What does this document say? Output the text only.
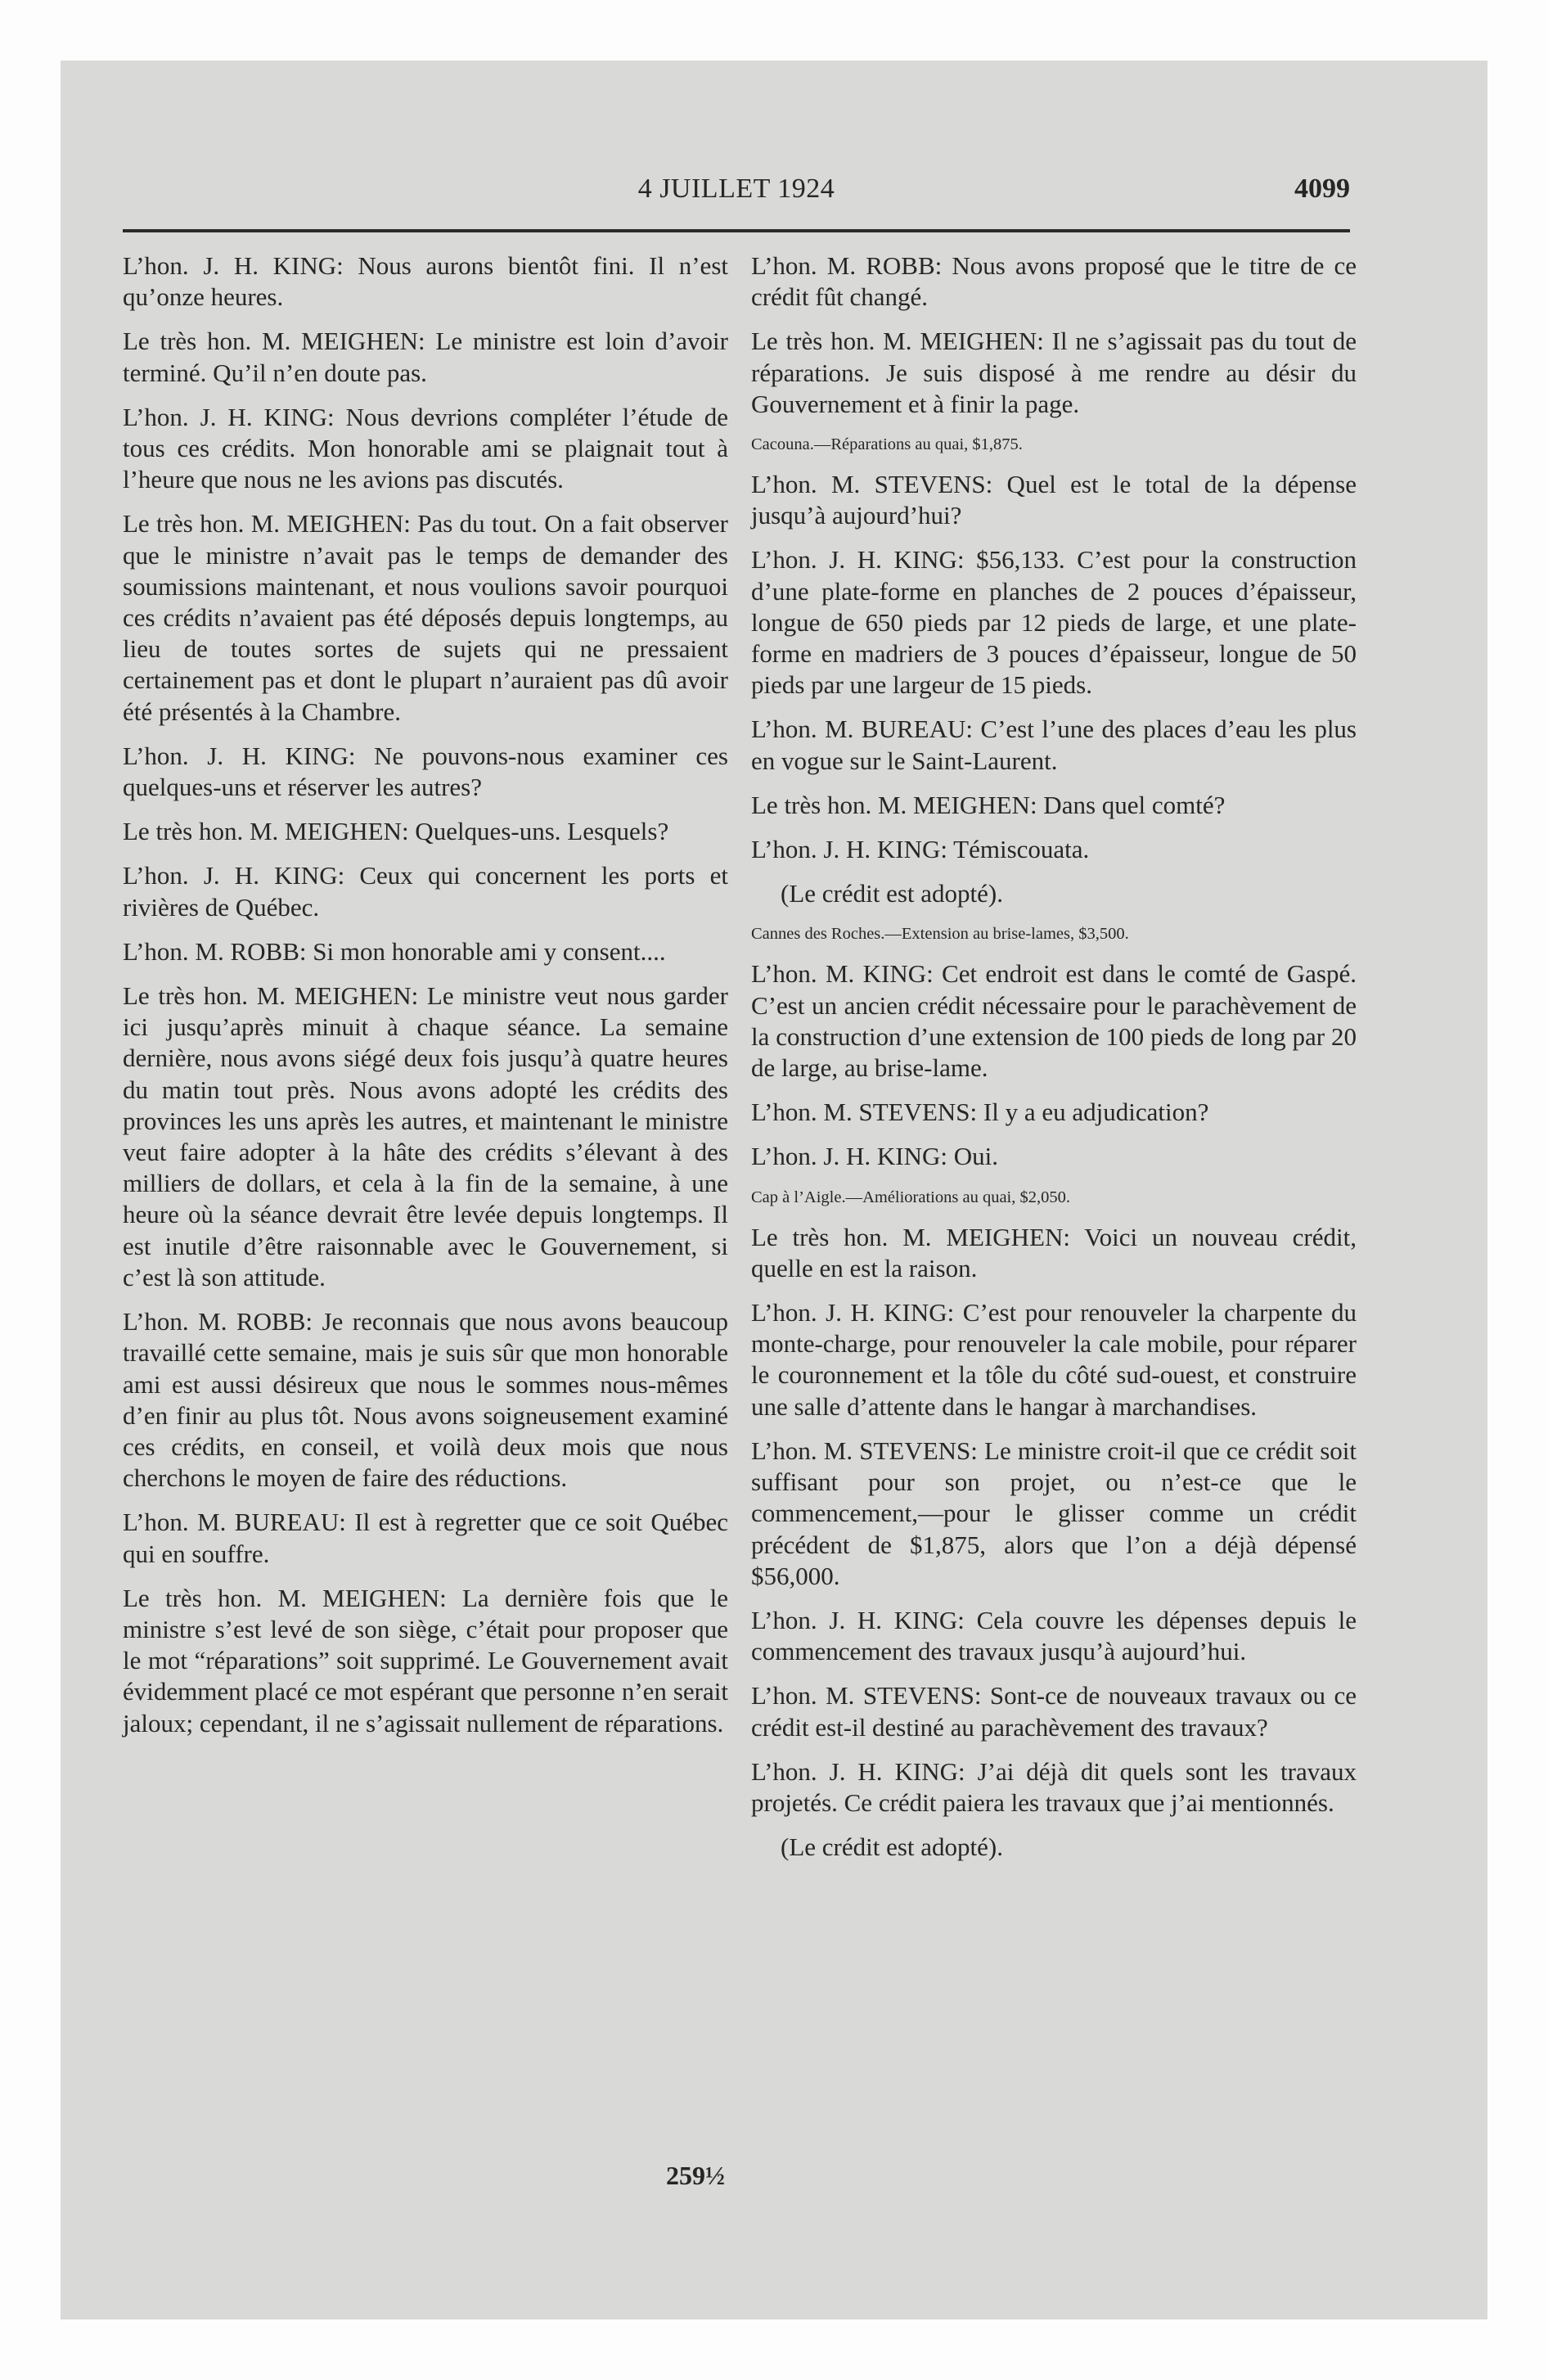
4 JUILLET 1924	4099

L’hon. J. H. KING: Nous aurons bientôt fini. Il n’est qu’onze heures.

Le très hon. M. MEIGHEN: Le ministre est loin d’avoir terminé. Qu’il n’en doute pas.

L’hon. J. H. KING: Nous devrions compléter l’étude de tous ces crédits. Mon honorable ami se plaignait tout à l’heure que nous ne les avions pas discutés.

Le très hon. M. MEIGHEN: Pas du tout. On a fait observer que le ministre n’avait pas le temps de demander des soumissions maintenant, et nous voulions savoir pourquoi ces crédits n’avaient pas été déposés depuis longtemps, au lieu de toutes sortes de sujets qui ne pressaient certainement pas et dont le plupart n’auraient pas dû avoir été présentés à la Chambre.

L’hon. J. H. KING: Ne pouvons-nous examiner ces quelques-uns et réserver les autres?

Le très hon. M. MEIGHEN: Quelques-uns. Lesquels?

L’hon. J. H. KING: Ceux qui concernent les ports et rivières de Québec.

L’hon. M. ROBB: Si mon honorable ami y consent....

Le très hon. M. MEIGHEN: Le ministre veut nous garder ici jusqu’après minuit à chaque séance. La semaine dernière, nous avons siégé deux fois jusqu’à quatre heures du matin tout près. Nous avons adopté les crédits des provinces les uns après les autres, et maintenant le ministre veut faire adopter à la hâte des crédits s’élevant à des milliers de dollars, et cela à la fin de la semaine, à une heure où la séance devrait être levée depuis longtemps. Il est inutile d’être raisonnable avec le Gouvernement, si c’est là son attitude.

L’hon. M. ROBB: Je reconnais que nous avons beaucoup travaillé cette semaine, mais je suis sûr que mon honorable ami est aussi désireux que nous le sommes nous-mêmes d’en finir au plus tôt. Nous avons soigneusement examiné ces crédits, en conseil, et voilà deux mois que nous cherchons le moyen de faire des réductions.

L’hon. M. BUREAU: Il est à regretter que ce soit Québec qui en souffre.

Le très hon. M. MEIGHEN: La dernière fois que le ministre s’est levé de son siège, c’était pour proposer que le mot “réparations” soit supprimé. Le Gouvernement avait évidemment placé ce mot espérant que personne n’en serait jaloux; cependant, il ne s’agissait nullement de réparations.

L’hon. M. ROBB: Nous avons proposé que le titre de ce crédit fût changé.

Le très hon. M. MEIGHEN: Il ne s’agissait pas du tout de réparations. Je suis disposé à me rendre au désir du Gouvernement et à finir la page.

Cacouna.—Réparations au quai, $1,875.

L’hon. M. STEVENS: Quel est le total de la dépense jusqu’à aujourd’hui?

L’hon. J. H. KING: $56,133. C’est pour la construction d’une plate-forme en planches de 2 pouces d’épaisseur, longue de 650 pieds par 12 pieds de large, et une plate-forme en madriers de 3 pouces d’épaisseur, longue de 50 pieds par une largeur de 15 pieds.

L’hon. M. BUREAU: C’est l’une des places d’eau les plus en vogue sur le Saint-Laurent.

Le très hon. M. MEIGHEN: Dans quel comté?

L’hon. J. H. KING: Témiscouata.

(Le crédit est adopté).

Cannes des Roches.—Extension au brise-lames, $3,500.

L’hon. M. KING: Cet endroit est dans le comté de Gaspé. C’est un ancien crédit nécessaire pour le parachèvement de la construction d’une extension de 100 pieds de long par 20 de large, au brise-lame.

L’hon. M. STEVENS: Il y a eu adjudication?

L’hon. J. H. KING: Oui.

Cap à l’Aigle.—Améliorations au quai, $2,050.

Le très hon. M. MEIGHEN: Voici un nouveau crédit, quelle en est la raison.

L’hon. J. H. KING: C’est pour renouveler la charpente du monte-charge, pour renouveler la cale mobile, pour réparer le couronnement et la tôle du côté sud-ouest, et construire une salle d’attente dans le hangar à marchandises.

L’hon. M. STEVENS: Le ministre croit-il que ce crédit soit suffisant pour son projet, ou n’est-ce que le commencement,—pour le glisser comme un crédit précédent de $1,875, alors que l’on a déjà dépensé $56,000.

L’hon. J. H. KING: Cela couvre les dépenses depuis le commencement des travaux jusqu’à aujourd’hui.

L’hon. M. STEVENS: Sont-ce de nouveaux travaux ou ce crédit est-il destiné au parachèvement des travaux?

L’hon. J. H. KING: J’ai déjà dit quels sont les travaux projetés. Ce crédit paiera les travaux que j’ai mentionnés.

(Le crédit est adopté).

259½
